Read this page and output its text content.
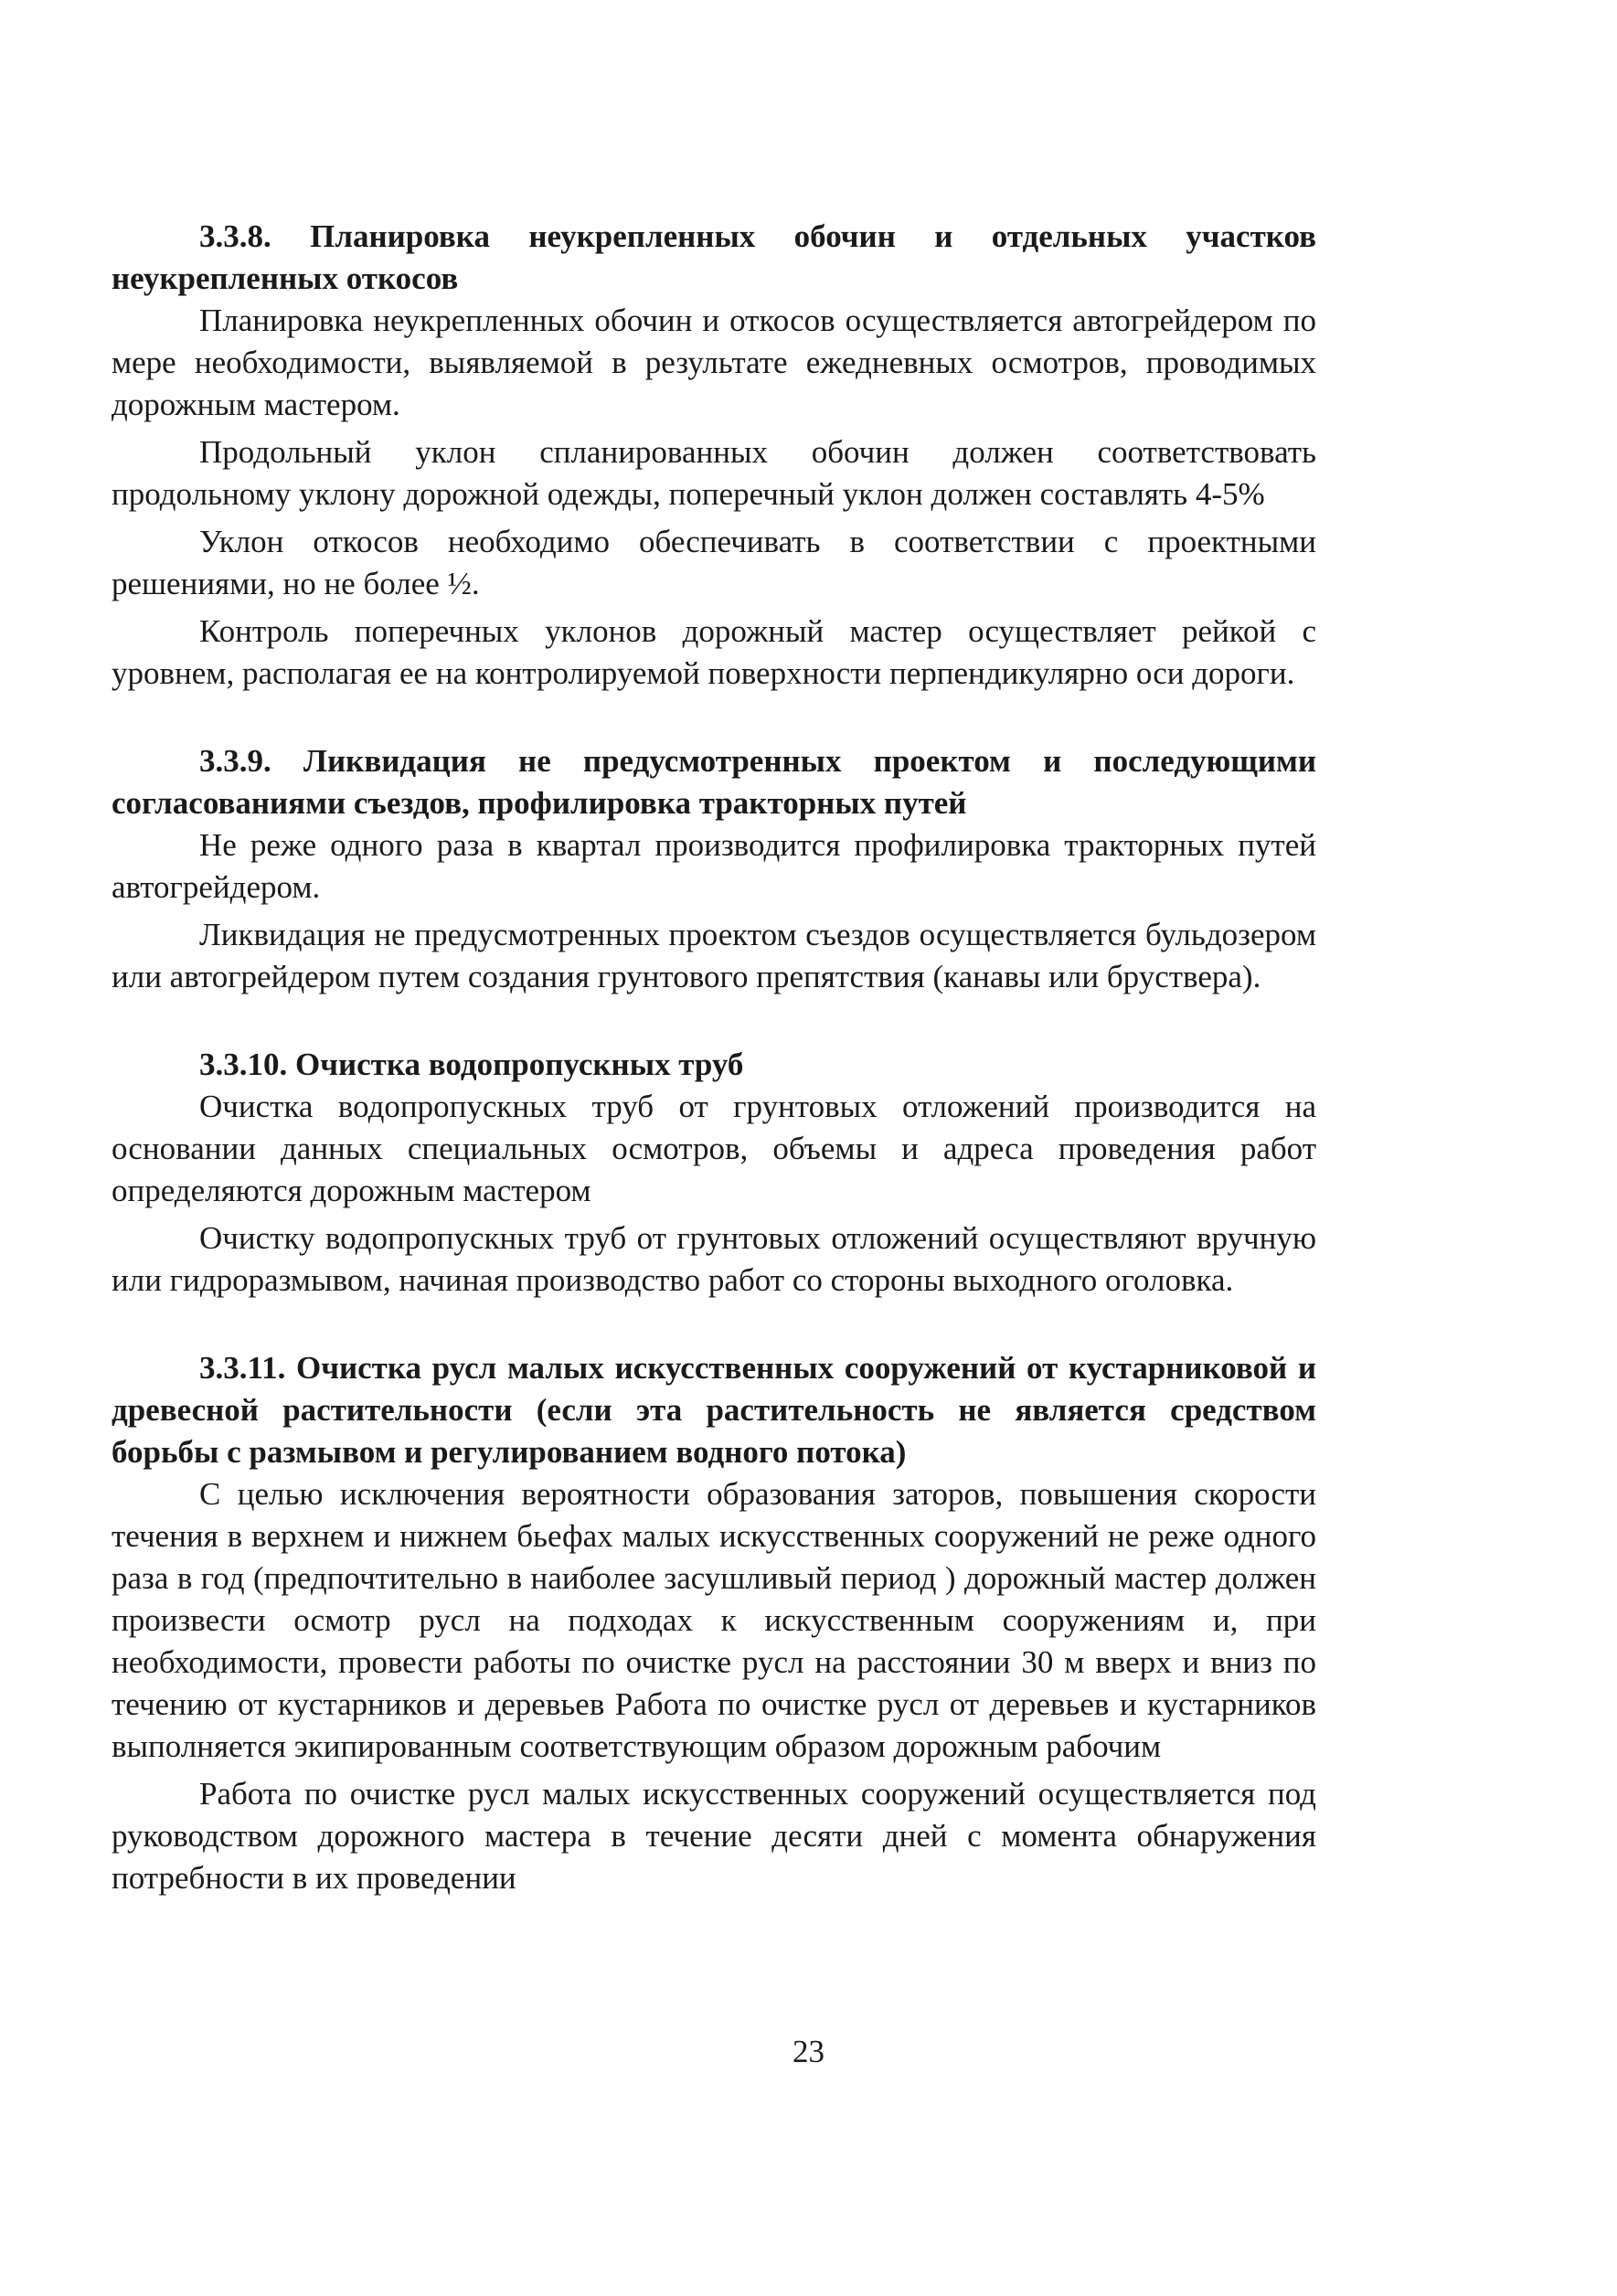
3.3.8. Планировка неукрепленных обочин и отдельных участков неукрепленных откосов

Планировка неукрепленных обочин и откосов осуществляется автогрейдером по мере необходимости, выявляемой в результате ежедневных осмотров, проводимых дорожным мастером.

Продольный уклон спланированных обочин должен соответствовать продольному уклону дорожной одежды, поперечный уклон должен составлять 4-5%

Уклон откосов необходимо обеспечивать в соответствии с проектными решениями, но не более ½.

Контроль поперечных уклонов дорожный мастер осуществляет рейкой с уровнем, располагая ее на контролируемой поверхности перпендикулярно оси дороги.

3.3.9. Ликвидация не предусмотренных проектом и последующими согласованиями съездов, профилировка тракторных путей

Не реже одного раза в квартал производится профилировка тракторных путей автогрейдером.

Ликвидация не предусмотренных проектом съездов осуществляется бульдозером или автогрейдером путем создания грунтового препятствия (канавы или бруствера).

3.3.10. Очистка водопропускных труб

Очистка водопропускных труб от грунтовых отложений производится на основании данных специальных осмотров, объемы и адреса проведения работ определяются дорожным мастером

Очистку водопропускных труб от грунтовых отложений осуществляют вручную или гидроразмывом, начиная производство работ со стороны выходного оголовка.

3.3.11. Очистка русл малых искусственных сооружений от кустарниковой и древесной растительности (если эта растительность не является средством борьбы с размывом и регулированием водного потока)

С целью исключения вероятности образования заторов, повышения скорости течения в верхнем и нижнем бьефах малых искусственных сооружений не реже одного раза в год (предпочтительно в наиболее засушливый период ) дорожный мастер должен произвести осмотр русл на подходах к искусственным сооружениям и, при необходимости, провести работы по очистке русл на расстоянии 30 м вверх и вниз по течению от кустарников и деревьев Работа по очистке русл от деревьев и кустарников выполняется экипированным соответствующим образом дорожным рабочим

Работа по очистке русл малых искусственных сооружений осуществляется под руководством дорожного мастера в течение десяти дней с момента обнаружения потребности в их проведении

23
